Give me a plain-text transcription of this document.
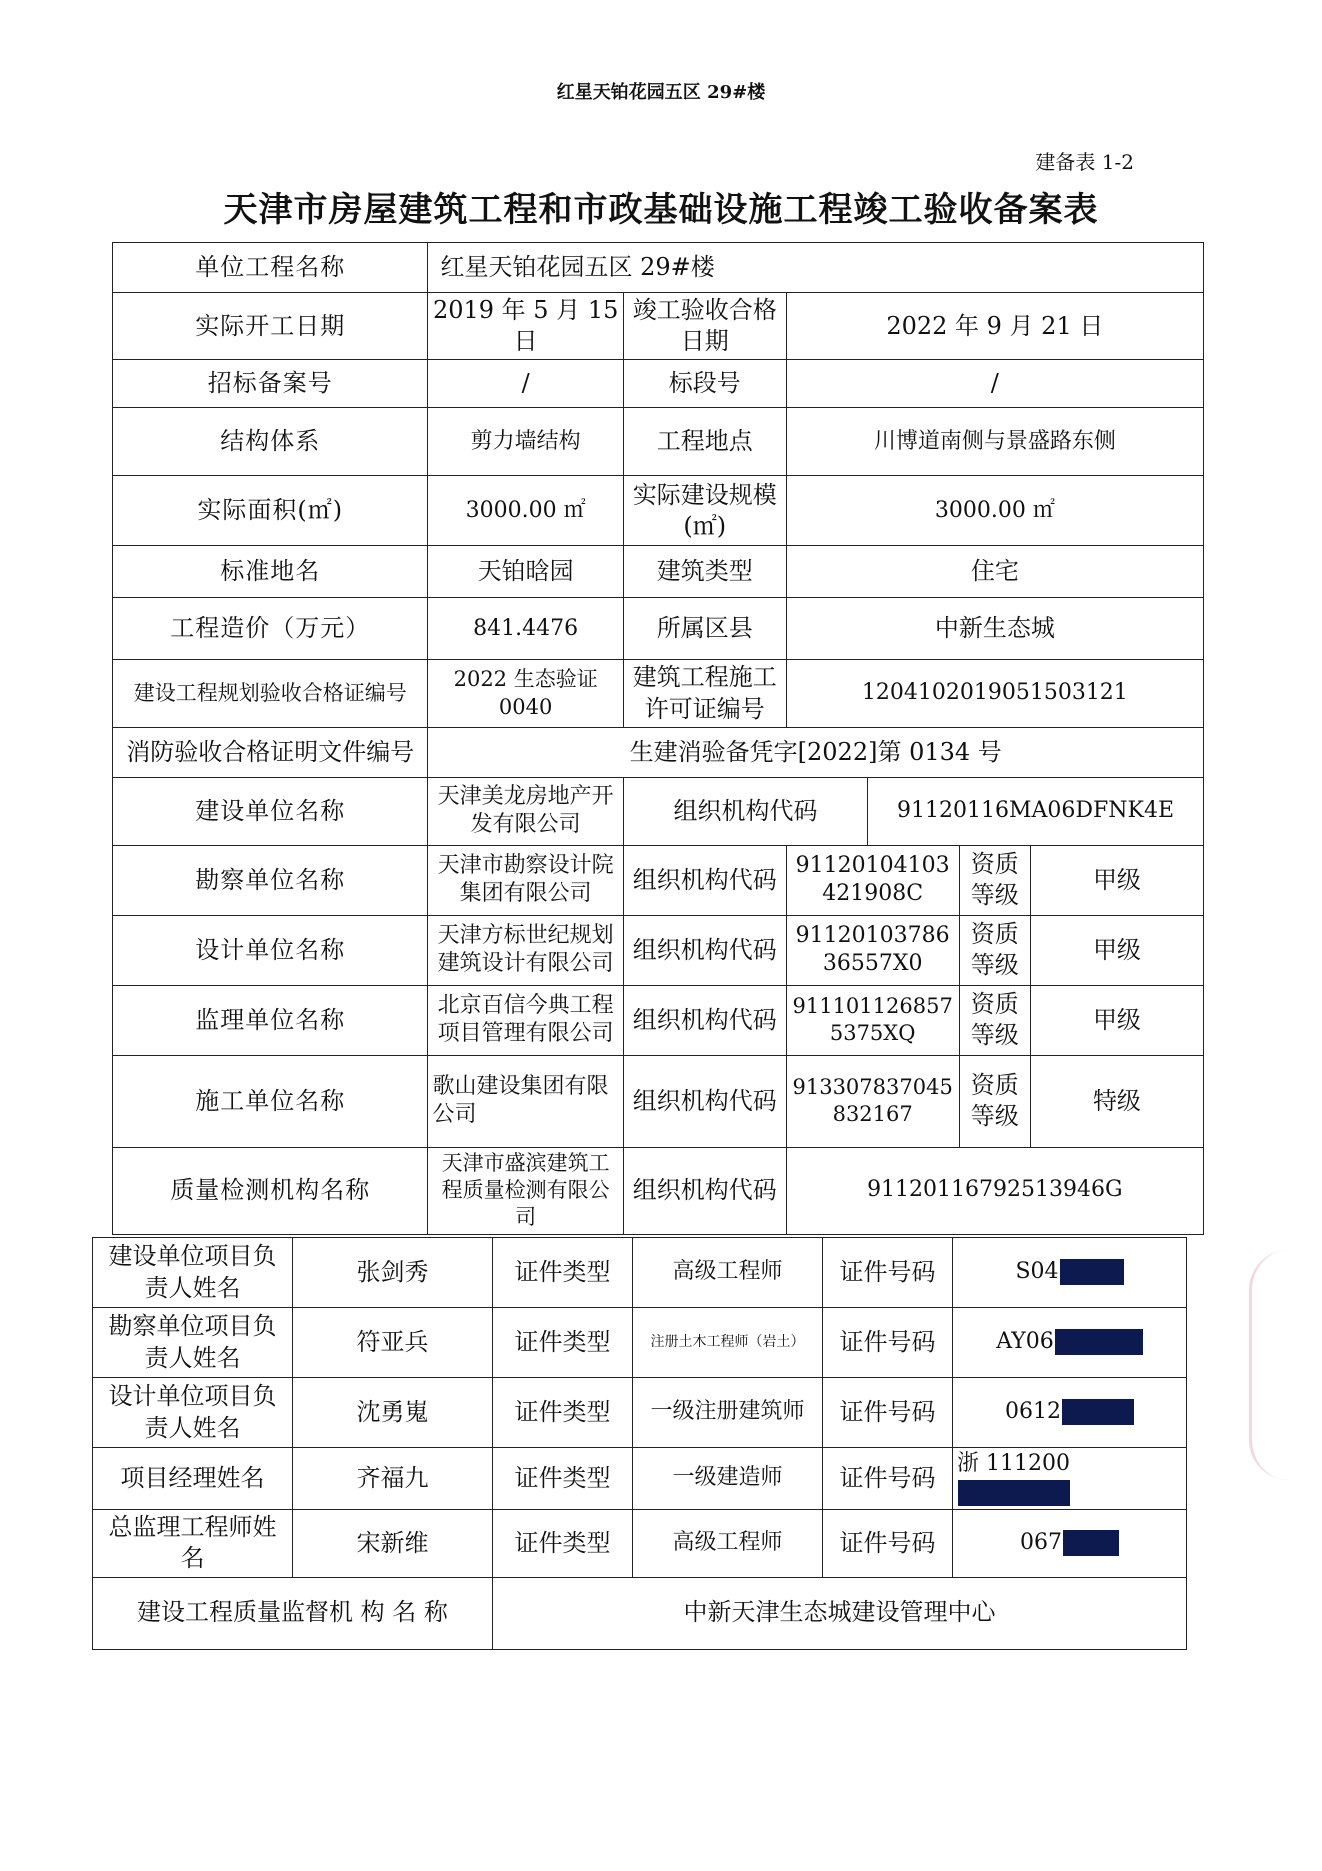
红星天铂花园五区 29#楼
建备表 1-2
天津市房屋建筑工程和市政基础设施工程竣工验收备案表
单位工程名称	红星天铂花园五区 29#楼					
实际开工日期	2019 年 5 月 15 日	竣工验收合格日期	2022 年 9 月 21 日			
招标备案号	/	标段号	/			
结构体系	剪力墙结构	工程地点	川博道南侧与景盛路东侧			
实际面积(㎡)	3000.00 ㎡	实际建设规模(㎡)	3000.00 ㎡			
标准地名	天铂晗园	建筑类型	住宅			
工程造价（万元）	841.4476	所属区县	中新生态城			
建设工程规划验收合格证编号	2022 生态验证 0040	建筑工程施工许可证编号	120410201905150312​1			
消防验收合格证明文件编号	生建消验备凭字[2022]第 0134 号					
建设单位名称	天津美龙房地产开发有限公司	组织机构代码		91120116MA06DFNK4E		
勘察单位名称	天津市勘察设计院集团有限公司	组织机构代码	91120104103421908C		资质等级	甲级
设计单位名称	天津方标世纪规划建筑设计有限公司	组织机构代码	9112010378636557X0		资质等级	甲级
监理单位名称	北京百信今典工程项目管理有限公司	组织机构代码	9111011268575375XQ		资质等级	甲级
施工单位名称	歌山建设集团有限公司	组织机构代码	913307837045832167		资质等级	特级
质量检测机构名称	天津市盛滨建筑工程质量检测有限公司	组织机构代码	91120116792513946G			
建设单位项目负责人姓名	张剑秀	证件类型	高级工程师	证件号码	S04
勘察单位项目负责人姓名	符亚兵	证件类型	注册土木工程师（岩土）	证件号码	AY06
设计单位项目负责人姓名	沈勇嵬	证件类型	一级注册建筑师	证件号码	0612
项目经理姓名	齐福九	证件类型	一级建造师	证件号码	浙 111200
总监理工程师姓名	宋新维	证件类型	高级工程师	证件号码	067
建设工程质量监督机 构 名 称		中新天津生态城建设管理中心			
